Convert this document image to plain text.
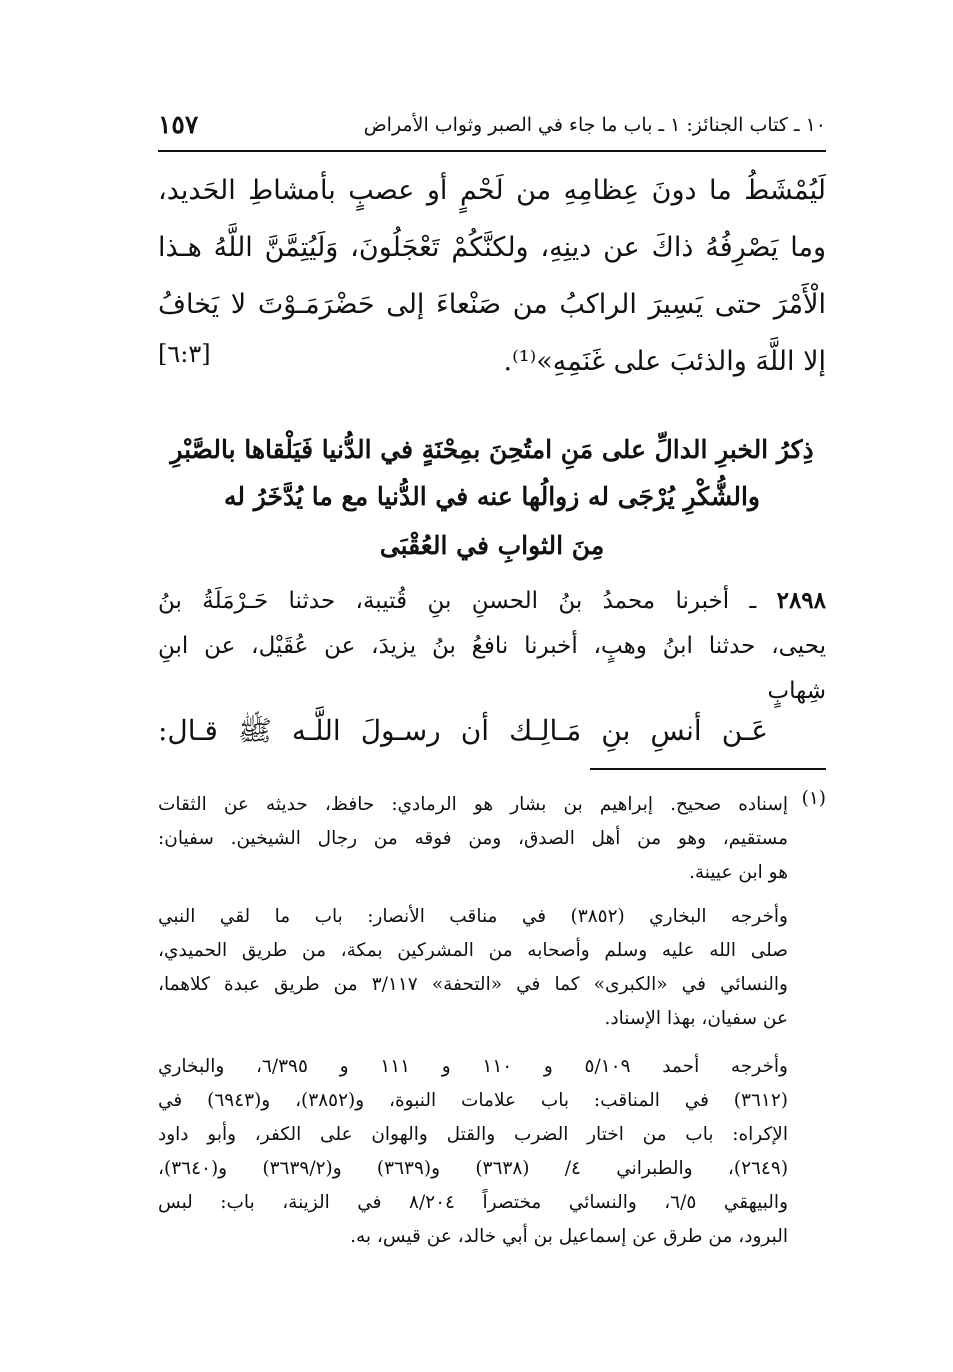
١٥٧	١٠ ـ كتاب الجنائز: ١ ـ باب ما جاء في الصبر وثواب الأمراض
لَيُمْشَطُ ما دونَ عِظامِهِ من لَحْمٍ أو عصبٍ بأمشاطِ الحَديد،
وما يَصْرِفُهُ ذاكَ عن دينِهِ، ولكنَّكُمْ تَعْجَلُونَ، وَلَيُتِمَّنَّ اللَّهُ هـذا
الْأَمْرَ حتى يَسِيرَ الراكبُ من صَنْعاءَ إلى حَضْرَمَـوْتَ لا يَخافُ
إلا اللَّهَ والذئبَ على غَنَمِهِ»⁽¹⁾.
[٦:٣]
ذِكرُ الخبرِ الدالِّ على مَنِ امتُحِنَ بمِحْنَةٍ في الدُّنيا فَيَلْقاها بالصَّبْرِ
والشُّكْرِ يُرْجَى له زوالُها عنه في الدُّنيا مع ما يُدَّخَرُ له
مِنَ الثوابِ في العُقْبَى
٢٨٩٨ ـ أخبرنا محمدُ بنُ الحسنِ بنِ قُتيبة، حدثنا حَـرْمَلَةُ بنُ
يحيى، حدثنا ابنُ وهبٍ، أخبرنا نافعُ بنُ يزيدَ، عن عُقَيْل، عن ابنِ
شِهابٍ
عَـن أنسِ بنِ مَـالِـك أن رسـولَ اللَّـه ﷺ قـال:
إسناده صحيح. إبراهيم بن بشار هو الرمادي: حافظ، حديثه عن الثقات (١)
مستقيم، وهو من أهل الصدق، ومن فوقه من رجال الشيخين. سفيان:
هو ابن عيينة.
وأخرجه البخاري (٣٨٥٢) في مناقب الأنصار: باب ما لقي النبي
صلى الله عليه وسلم وأصحابه من المشركين بمكة، من طريق الحميدي،
والنسائي في «الكبرى» كما في «التحفة» ٣/١١٧ من طريق عبدة كلاهما،
عن سفيان، بهذا الإسناد.
وأخرجه أحمد ٥/١٠٩ و ١١٠ و ١١١ و ٦/٣٩٥، والبخاري
(٣٦١٢) في المناقب: باب علامات النبوة، و(٣٨٥٢)، و(٦٩٤٣) في
الإكراه: باب من اختار الضرب والقتل والهوان على الكفر، وأبو داود
(٢٦٤٩)، والطبراني ٤/ (٣٦٣٨) و(٣٦٣٩) و(٣٦٣٩/٢) و(٣٦٤٠)،
والبيهقي ٦/٥، والنسائي مختصراً ٨/٢٠٤ في الزينة، باب: لبس
البرود، من طرق عن إسماعيل بن أبي خالد، عن قيس، به.
